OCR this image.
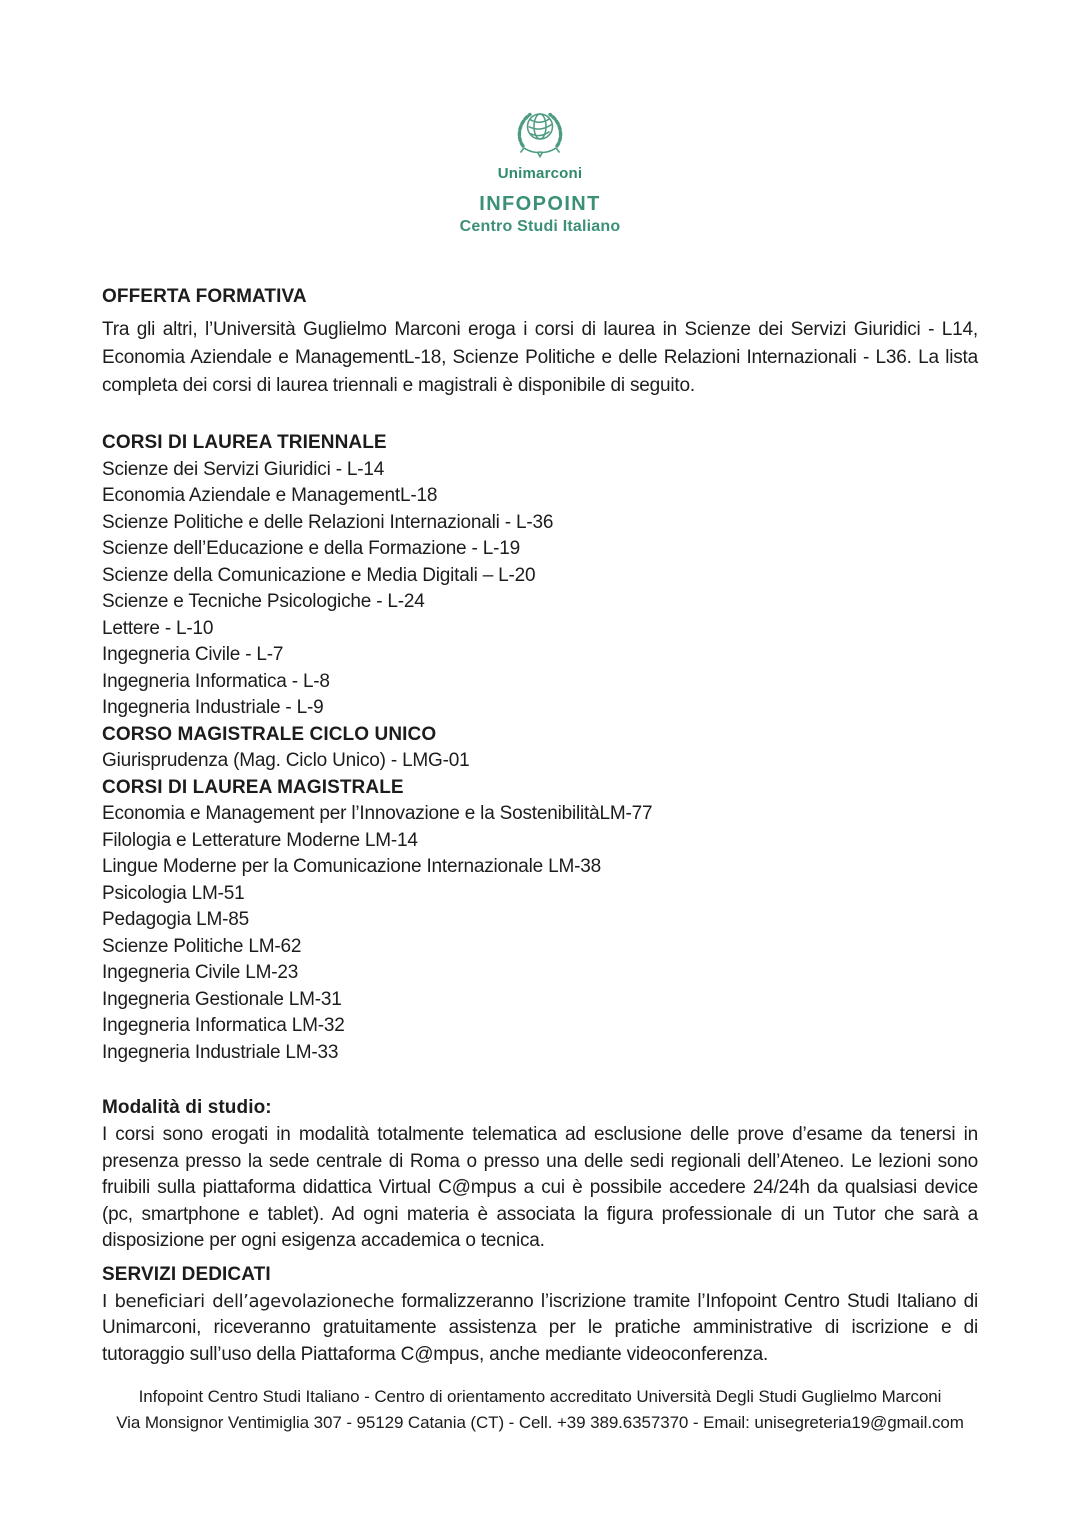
Unimarconi
INFOPOINT
Centro Studi Italiano
OFFERTA FORMATIVA

Tra gli altri, l’Università Guglielmo Marconi eroga i corsi di laurea in Scienze dei Servizi Giuridici - L14, Economia Aziendale e ManagementL-18, Scienze Politiche e delle Relazioni Internazionali - L36. La lista completa dei corsi di laurea triennali e magistrali è disponibile di seguito.

CORSI DI LAUREA TRIENNALE
Scienze dei Servizi Giuridici - L-14
Economia Aziendale e ManagementL-18
Scienze Politiche e delle Relazioni Internazionali - L-36
Scienze dell’Educazione e della Formazione - L-19
Scienze della Comunicazione e Media Digitali – L-20
Scienze e Tecniche Psicologiche - L-24
Lettere - L-10
Ingegneria Civile - L-7
Ingegneria Informatica - L-8
Ingegneria Industriale - L-9
CORSO MAGISTRALE CICLO UNICO
Giurisprudenza (Mag. Ciclo Unico) - LMG-01
CORSI DI LAUREA MAGISTRALE
Economia e Management per l’Innovazione e la SostenibilitàLM-77
Filologia e Letterature Moderne LM-14
Lingue Moderne per la Comunicazione Internazionale LM-38
Psicologia LM-51
Pedagogia LM-85
Scienze Politiche LM-62
Ingegneria Civile LM-23
Ingegneria Gestionale LM-31
Ingegneria Informatica LM-32
Ingegneria Industriale LM-33
Modalità di studio:

I corsi sono erogati in modalità totalmente telematica ad esclusione delle prove d’esame da tenersi in presenza presso la sede centrale di Roma o presso una delle sedi regionali dell’Ateneo. Le lezioni sono fruibili sulla piattaforma didattica Virtual C@mpus a cui è possibile accedere 24/24h da qualsiasi device (pc, smartphone e tablet). Ad ogni materia è associata la figura professionale di un Tutor che sarà a disposizione per ogni esigenza accademica o tecnica.

SERVIZI DEDICATI

I beneficiari dell’agevolazioneche formalizzeranno l’iscrizione tramite l’Infopoint Centro Studi Italiano di Unimarconi, riceveranno gratuitamente assistenza per le pratiche amministrative di iscrizione e di tutoraggio sull’uso della Piattaforma C@mpus, anche mediante videoconferenza.

Infopoint Centro Studi Italiano - Centro di orientamento accreditato Università Degli Studi Guglielmo Marconi
Via Monsignor Ventimiglia 307 - 95129 Catania (CT) - Cell. +39 389.6357370 - Email: unisegreteria19@gmail.com
